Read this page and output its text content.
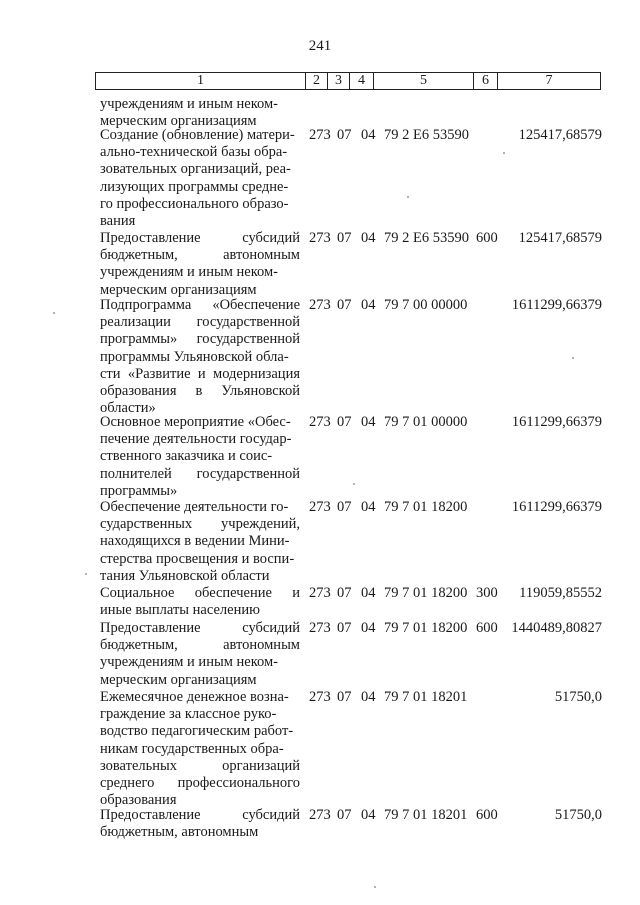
241
1	2	3	4	5	6	7
учреждениям и иным неком-
мерческим организациям
Создание (обновление) матери-
ально-технической базы обра-
зовательных организаций, реа-
лизующих программы средне-
го профессионального образо-
вания
273 07 04 79 2 Е6 53590	125417,68579
Предоставление субсидий
бюджетным, автономным
учреждениям и иным неком-
мерческим организациям
273 07 04 79 2 Е6 53590 600 125417,68579
Подпрограмма «Обеспечение
реализации государственной
программы» государственной
программы Ульяновской обла-
сти «Развитие и модернизация
образования в Ульяновской
области»
273 07 04 79 7 00 00000	1611299,66379
Основное мероприятие «Обес-
печение деятельности государ-
ственного заказчика и соис-
полнителей государственной
программы»
273 07 04 79 7 01 00000	1611299,66379
Обеспечение деятельности го-
сударственных учреждений,
находящихся в ведении Мини-
стерства просвещения и воспи-
тания Ульяновской области
273 07 04 79 7 01 18200	1611299,66379
Социальное обеспечение и
иные выплаты населению
273 07 04 79 7 01 18200 300 119059,85552
Предоставление субсидий
бюджетным, автономным
учреждениям и иным неком-
мерческим организациям
273 07 04 79 7 01 18200 600 1440489,80827
Ежемесячное денежное возна-
граждение за классное руко-
водство педагогическим работ-
никам государственных обра-
зовательных организаций
среднего профессионального
образования
273 07 04 79 7 01 18201	51750,0
Предоставление субсидий
бюджетным, автономным
273 07 04 79 7 01 18201 600	51750,0
